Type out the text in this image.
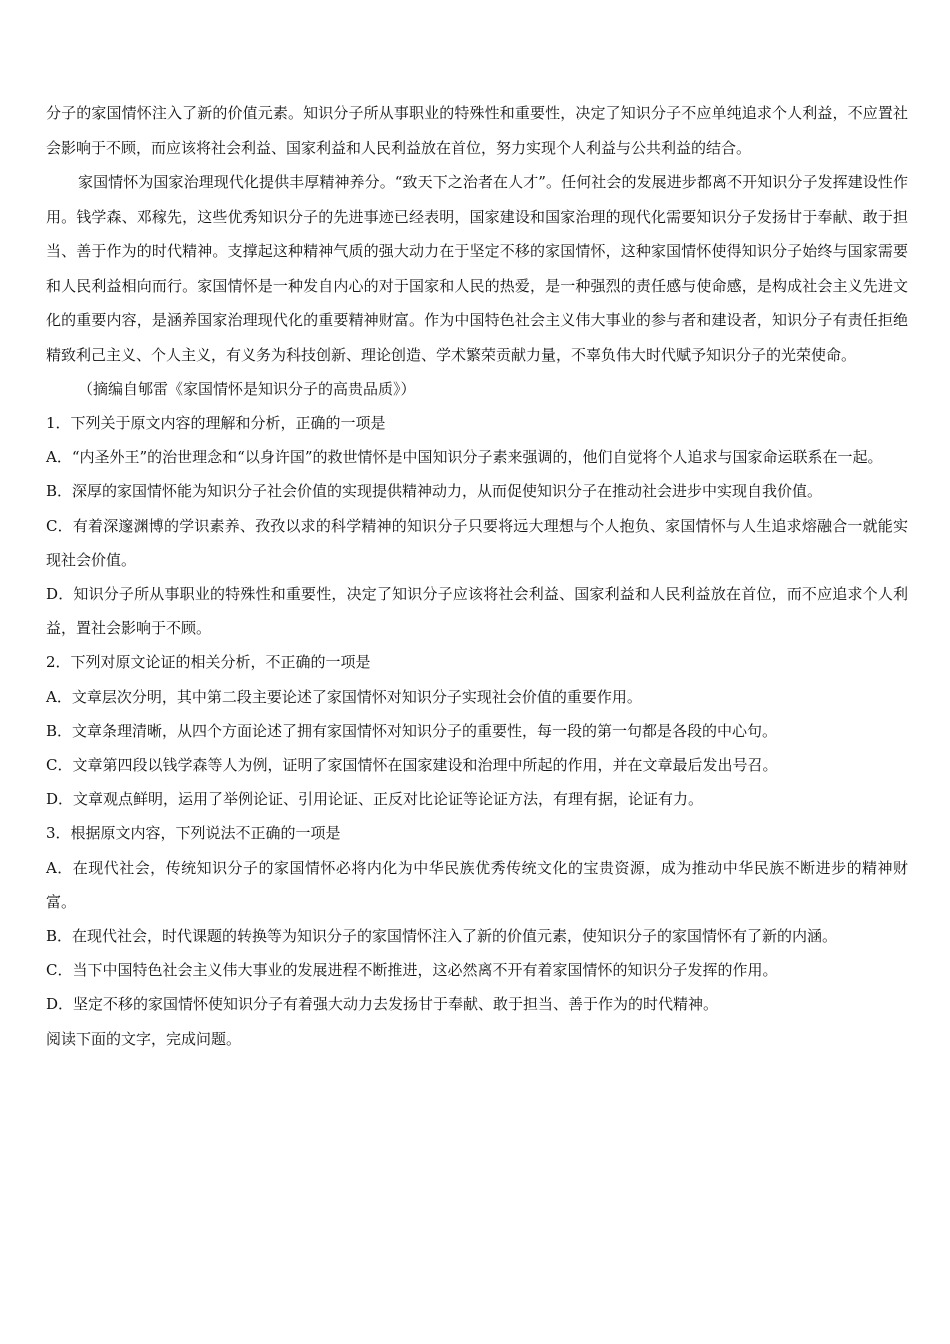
分子的家国情怀注入了新的价值元素。知识分子所从事职业的特殊性和重要性，决定了知识分子不应单纯追求个人利益，不应置社会影响于不顾，而应该将社会利益、国家利益和人民利益放在首位，努力实现个人利益与公共利益的结合。

家国情怀为国家治理现代化提供丰厚精神养分。“致天下之治者在人才”。任何社会的发展进步都离不开知识分子发挥建设性作用。钱学森、邓稼先，这些优秀知识分子的先进事迹已经表明，国家建设和国家治理的现代化需要知识分子发扬甘于奉献、敢于担当、善于作为的时代精神。支撑起这种精神气质的强大动力在于坚定不移的家国情怀，这种家国情怀使得知识分子始终与国家需要和人民利益相向而行。家国情怀是一种发自内心的对于国家和人民的热爱，是一种强烈的责任感与使命感，是构成社会主义先进文化的重要内容，是涵养国家治理现代化的重要精神财富。作为中国特色社会主义伟大事业的参与者和建设者，知识分子有责任拒绝精致利己主义、个人主义，有义务为科技创新、理论创造、学术繁荣贡献力量，不辜负伟大时代赋予知识分子的光荣使命。

（摘编自郇雷《家国情怀是知识分子的高贵品质》）

1．下列关于原文内容的理解和分析，正确的一项是

A．“内圣外王”的治世理念和“以身许国”的救世情怀是中国知识分子素来强调的，他们自觉将个人追求与国家命运联系在一起。

B．深厚的家国情怀能为知识分子社会价值的实现提供精神动力，从而促使知识分子在推动社会进步中实现自我价值。

C．有着深邃渊博的学识素养、孜孜以求的科学精神的知识分子只要将远大理想与个人抱负、家国情怀与人生追求熔融合一就能实现社会价值。

D．知识分子所从事职业的特殊性和重要性，决定了知识分子应该将社会利益、国家利益和人民利益放在首位，而不应追求个人利益，置社会影响于不顾。

2．下列对原文论证的相关分析，不正确的一项是

A．文章层次分明，其中第二段主要论述了家国情怀对知识分子实现社会价值的重要作用。

B．文章条理清晰，从四个方面论述了拥有家国情怀对知识分子的重要性，每一段的第一句都是各段的中心句。

C．文章第四段以钱学森等人为例，证明了家国情怀在国家建设和治理中所起的作用，并在文章最后发出号召。

D．文章观点鲜明，运用了举例论证、引用论证、正反对比论证等论证方法，有理有据，论证有力。

3．根据原文内容，下列说法不正确的一项是

A．在现代社会，传统知识分子的家国情怀必将内化为中华民族优秀传统文化的宝贵资源，成为推动中华民族不断进步的精神财富。

B．在现代社会，时代课题的转换等为知识分子的家国情怀注入了新的价值元素，使知识分子的家国情怀有了新的内涵。

C．当下中国特色社会主义伟大事业的发展进程不断推进，这必然离不开有着家国情怀的知识分子发挥的作用。

D．坚定不移的家国情怀使知识分子有着强大动力去发扬甘于奉献、敢于担当、善于作为的时代精神。

阅读下面的文字，完成问题。
